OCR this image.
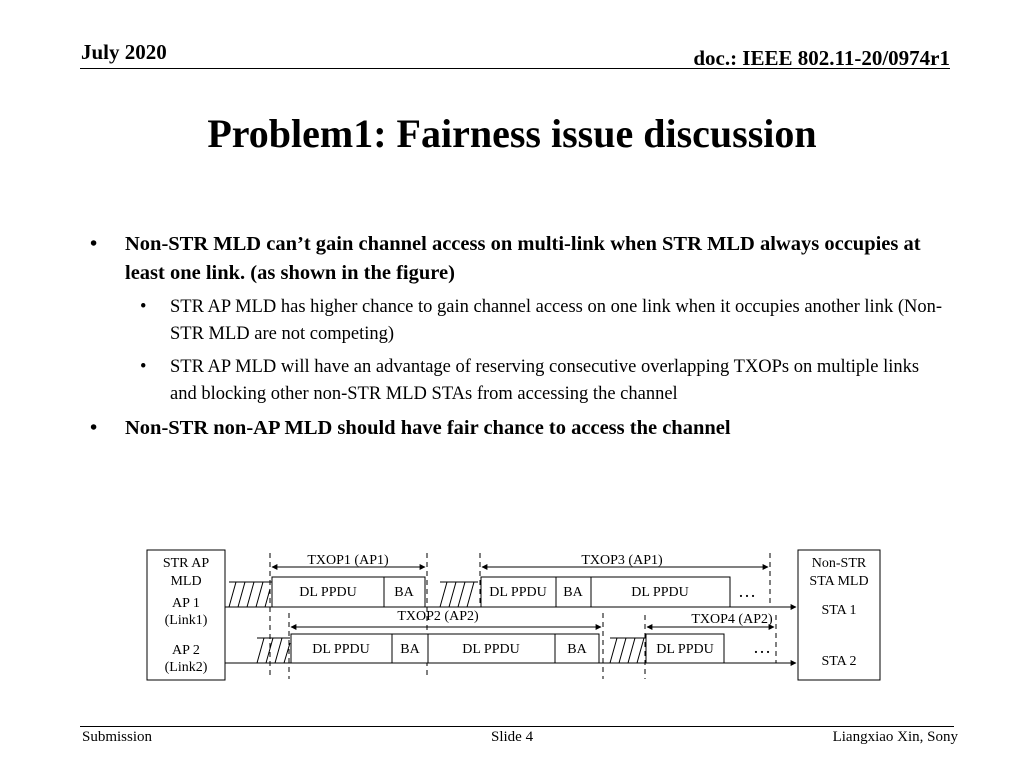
July 2020	doc.: IEEE 802.11-20/0974r1
Problem1: Fairness issue discussion
• Non-STR MLD can’t gain channel access on multi-link when STR MLD always occupies at least one link. (as shown in the figure)
• STR AP MLD has higher chance to gain channel access on one link when it occupies another link (Non-STR MLD are not competing)
• STR AP MLD will have an advantage of reserving consecutive overlapping TXOPs on multiple links and blocking other non-STR MLD STAs from accessing the channel
• Non-STR non-AP MLD should have fair chance to access the channel
STR AP
MLD
AP 1
(Link1)
AP 2
(Link2)
Non-STR
STA MLD
STA 1
STA 2
TXOP1 (AP1)	TXOP3 (AP1)
TXOP2 (AP2)	TXOP4 (AP2)
DL PPDU	BA	DL PPDU BA	DL PPDU	…
DL PPDU BA	DL PPDU	BA	DL PPDU …
Submission	Slide 4	Liangxiao Xin, Sony
